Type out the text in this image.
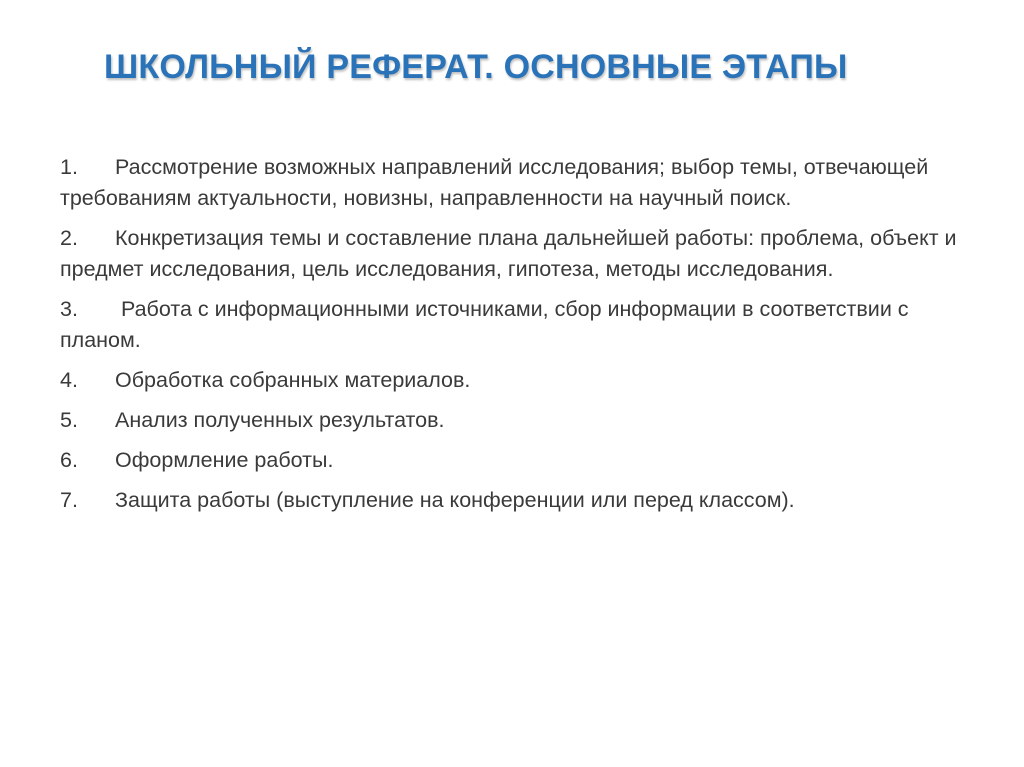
ШКОЛЬНЫЙ РЕФЕРАТ. ОСНОВНЫЕ ЭТАПЫ
1. Рассмотрение возможных направлений исследования; выбор темы, отвечающей требованиям актуальности, новизны, направленности на научный поиск.
2. Конкретизация темы и составление плана дальнейшей работы: проблема, объект и предмет исследования, цель исследования, гипотеза, методы исследования.
3. Работа с информационными источниками, сбор информации в соответствии с планом.
4. Обработка собранных материалов.
5. Анализ полученных результатов.
6. Оформление работы.
7. Защита работы (выступление на конференции или перед классом).
